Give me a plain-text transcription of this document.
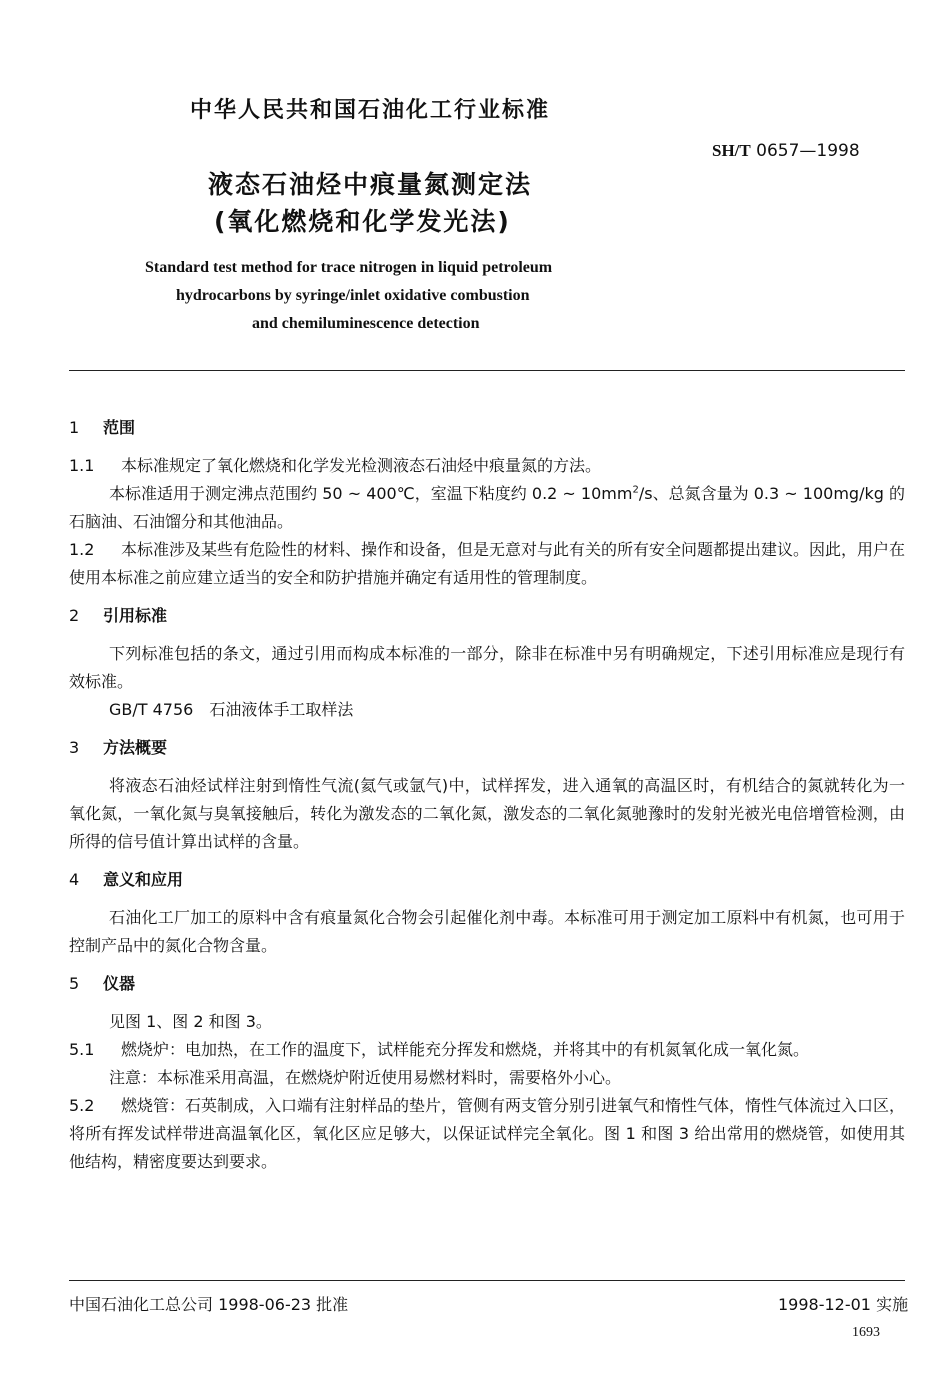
中华人民共和国石油化工行业标准
SH/T 0657—1998
液态石油烃中痕量氮测定法
(氧化燃烧和化学发光法)
Standard test method for trace nitrogen in liquid petroleum
hydrocarbons by syringe/inlet oxidative combustion
and chemiluminescence detection
1 范围

1.1 本标准规定了氧化燃烧和化学发光检测液态石油烃中痕量氮的方法。

本标准适用于测定沸点范围约 50 ~ 400℃，室温下粘度约 0.2 ~ $10mm^2/s$、总氮含量为 0.3 ~ 100mg/kg 的石脑油、石油馏分和其他油品。

1.2 本标准涉及某些有危险性的材料、操作和设备，但是无意对与此有关的所有安全问题都提出建议。因此，用户在使用本标准之前应建立适当的安全和防护措施并确定有适用性的管理制度。

2 引用标准

下列标准包括的条文，通过引用而构成本标准的一部分，除非在标准中另有明确规定，下述引用标准应是现行有效标准。

GB/T 4756　石油液体手工取样法

3 方法概要

将液态石油烃试样注射到惰性气流(氦气或氩气)中，试样挥发，进入通氧的高温区时，有机结合的氮就转化为一氧化氮，一氧化氮与臭氧接触后，转化为激发态的二氧化氮，激发态的二氧化氮驰豫时的发射光被光电倍增管检测，由所得的信号值计算出试样的含量。

4 意义和应用

石油化工厂加工的原料中含有痕量氮化合物会引起催化剂中毒。本标准可用于测定加工原料中有机氮，也可用于控制产品中的氮化合物含量。

5 仪器

见图 1、图 2 和图 3。

5.1 燃烧炉：电加热，在工作的温度下，试样能充分挥发和燃烧，并将其中的有机氮氧化成一氧化氮。

注意：本标准采用高温，在燃烧炉附近使用易燃材料时，需要格外小心。

5.2 燃烧管：石英制成，入口端有注射样品的垫片，管侧有两支管分别引进氧气和惰性气体，惰性气体流过入口区，将所有挥发试样带进高温氧化区，氧化区应足够大，以保证试样完全氧化。图 1 和图 3 给出常用的燃烧管，如使用其他结构，精密度要达到要求。

中国石油化工总公司 1998-06-23 批准	1998-12-01 实施
1693
